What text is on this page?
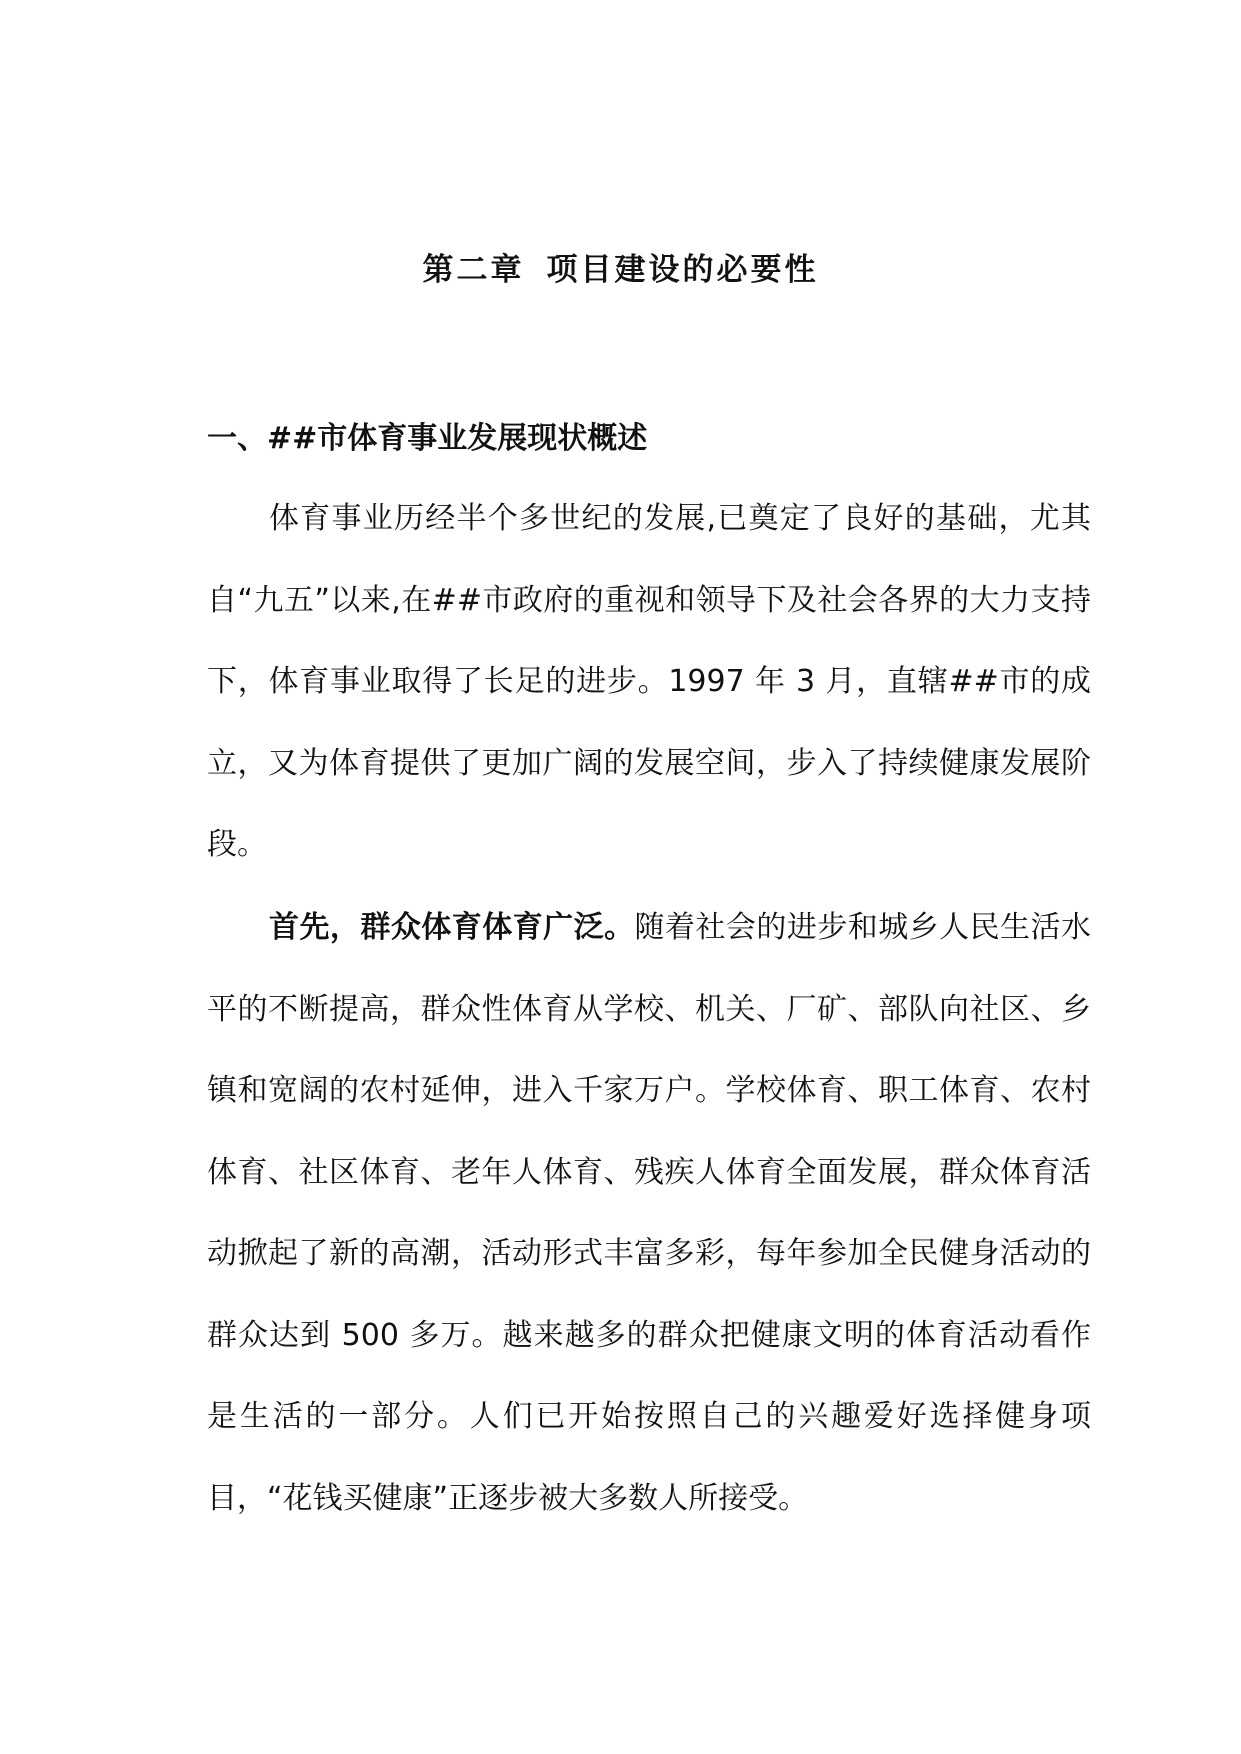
第二章 项目建设的必要性
一、##市体育事业发展现状概述

体育事业历经半个多世纪的发展,已奠定了良好的基础，尤其自“九五”以来,在##市政府的重视和领导下及社会各界的大力支持下，体育事业取得了长足的进步。1997 年 3 月，直辖##市的成立，又为体育提供了更加广阔的发展空间，步入了持续健康发展阶段。

首先，群众体育体育广泛。随着社会的进步和城乡人民生活水平的不断提高，群众性体育从学校、机关、厂矿、部队向社区、乡镇和宽阔的农村延伸，进入千家万户。学校体育、职工体育、农村体育、社区体育、老年人体育、残疾人体育全面发展，群众体育活动掀起了新的高潮，活动形式丰富多彩，每年参加全民健身活动的群众达到 500 多万。越来越多的群众把健康文明的体育活动看作是生活的一部分。人们已开始按照自己的兴趣爱好选择健身项目，“花钱买健康”正逐步被大多数人所接受。
